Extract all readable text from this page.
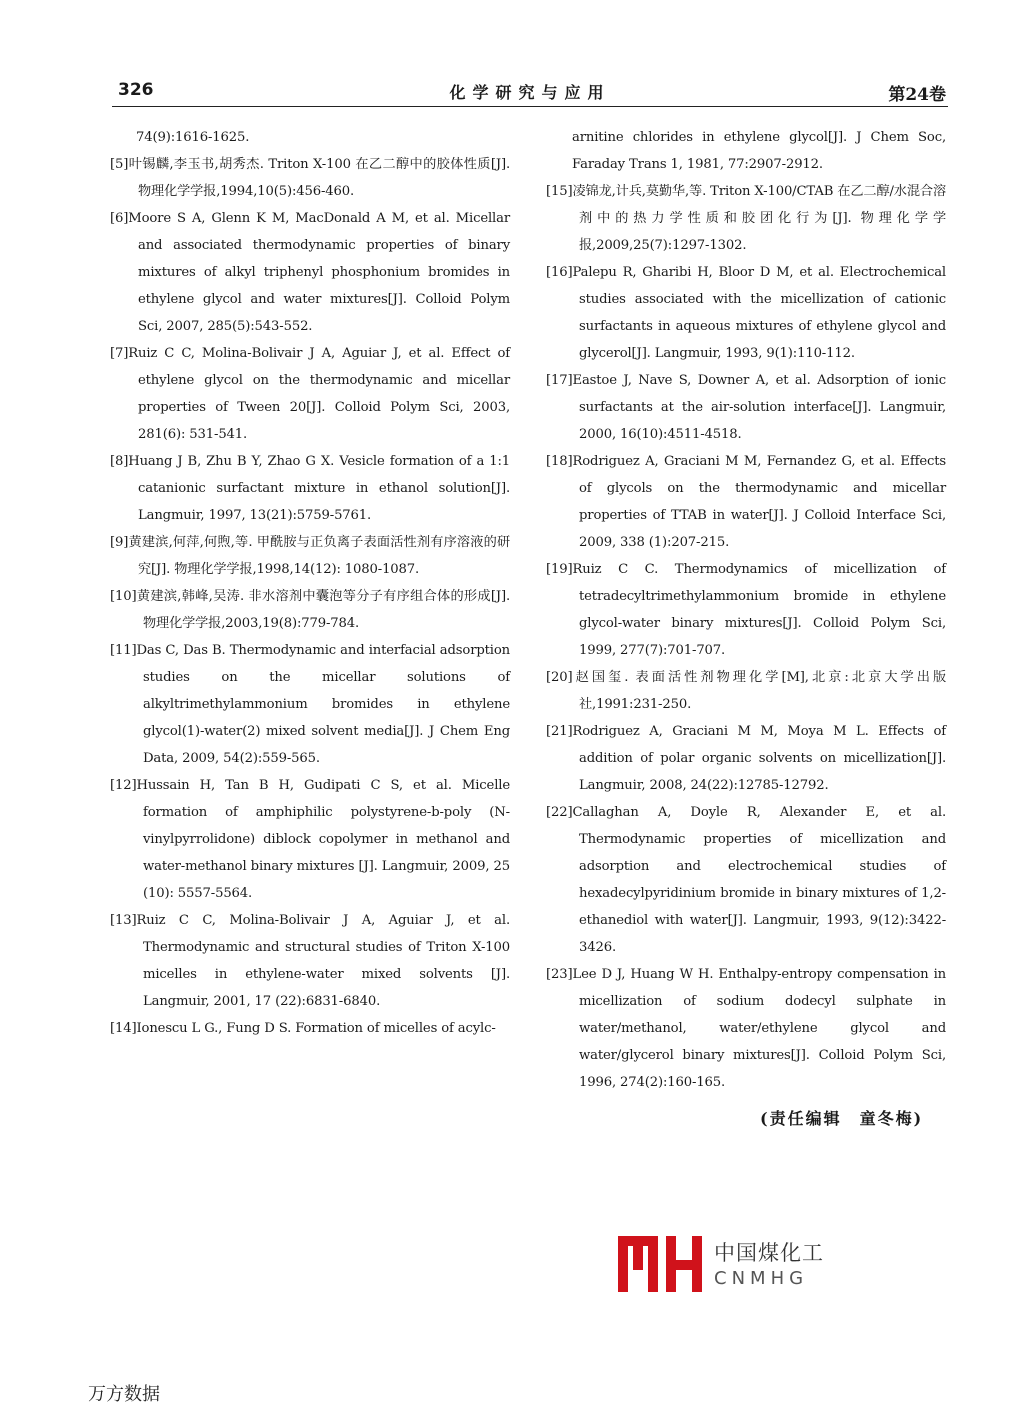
326	化学研究与应用	第24卷

74(9):1616-1625.

[5]叶锡麟,李玉书,胡秀杰. Triton X-100 在乙二醇中的胶体性质[J]. 物理化学学报,1994,10(5):456-460.

[6]Moore S A, Glenn K M, MacDonald A M, et al. Micellar and associated thermodynamic properties of binary mixtures of alkyl triphenyl phosphonium bromides in ethylene glycol and water mixtures[J]. Colloid Polym Sci, 2007, 285(5):543-552.

[7]Ruiz C C, Molina-Bolivair J A, Aguiar J, et al. Effect of ethylene glycol on the thermodynamic and micellar properties of Tween 20[J]. Colloid Polym Sci, 2003, 281(6): 531-541.

[8]Huang J B, Zhu B Y, Zhao G X. Vesicle formation of a 1:1 catanionic surfactant mixture in ethanol solution[J]. Langmuir, 1997, 13(21):5759-5761.

[9]黄建滨,何萍,何煦,等. 甲酰胺与正负离子表面活性剂有序溶液的研究[J]. 物理化学学报,1998,14(12): 1080-1087.

[10]黄建滨,韩峰,吴涛. 非水溶剂中囊泡等分子有序组合体的形成[J]. 物理化学学报,2003,19(8):779-784.

[11]Das C, Das B. Thermodynamic and interfacial adsorption studies on the micellar solutions of alkyltrimethylammonium bromides in ethylene glycol(1)-water(2) mixed solvent media[J]. J Chem Eng Data, 2009, 54(2):559-565.

[12]Hussain H, Tan B H, Gudipati C S, et al. Micelle formation of amphiphilic polystyrene-b-poly (N-vinylpyrrolidone) diblock copolymer in methanol and water-methanol binary mixtures [J]. Langmuir, 2009, 25 (10): 5557-5564.

[13]Ruiz C C, Molina-Bolivair J A, Aguiar J, et al. Thermodynamic and structural studies of Triton X-100 micelles in ethylene-water mixed solvents [J]. Langmuir, 2001, 17 (22):6831-6840.

[14]Ionescu L G., Fung D S. Formation of micelles of acylc-

arnitine chlorides in ethylene glycol[J]. J Chem Soc, Faraday Trans 1, 1981, 77:2907-2912.

[15]凌锦龙,计兵,莫勤华,等. Triton X-100/CTAB 在乙二醇/水混合溶剂中的热力学性质和胶团化行为[J]. 物理化学学报,2009,25(7):1297-1302.

[16]Palepu R, Gharibi H, Bloor D M, et al. Electrochemical studies associated with the micellization of cationic surfactants in aqueous mixtures of ethylene glycol and glycerol[J]. Langmuir, 1993, 9(1):110-112.

[17]Eastoe J, Nave S, Downer A, et al. Adsorption of ionic surfactants at the air-solution interface[J]. Langmuir, 2000, 16(10):4511-4518.

[18]Rodriguez A, Graciani M M, Fernandez G, et al. Effects of glycols on the thermodynamic and micellar properties of TTAB in water[J]. J Colloid Interface Sci, 2009, 338 (1):207-215.

[19]Ruiz C C. Thermodynamics of micellization of tetradecyltrimethylammonium bromide in ethylene glycol-water binary mixtures[J]. Colloid Polym Sci, 1999, 277(7):701-707.

[20]赵国玺. 表面活性剂物理化学[M],北京:北京大学出版社,1991:231-250.

[21]Rodriguez A, Graciani M M, Moya M L. Effects of addition of polar organic solvents on micellization[J]. Langmuir, 2008, 24(22):12785-12792.

[22]Callaghan A, Doyle R, Alexander E, et al. Thermodynamic properties of micellization and adsorption and electrochemical studies of hexadecylpyridinium bromide in binary mixtures of 1,2-ethanediol with water[J]. Langmuir, 1993, 9(12):3422-3426.

[23]Lee D J, Huang W H. Enthalpy-entropy compensation in micellization of sodium dodecyl sulphate in water/methanol, water/ethylene glycol and water/glycerol binary mixtures[J]. Colloid Polym Sci, 1996, 274(2):160-165.

(责任编辑　童冬梅)
中国煤化工
CNMHG
万方数据
